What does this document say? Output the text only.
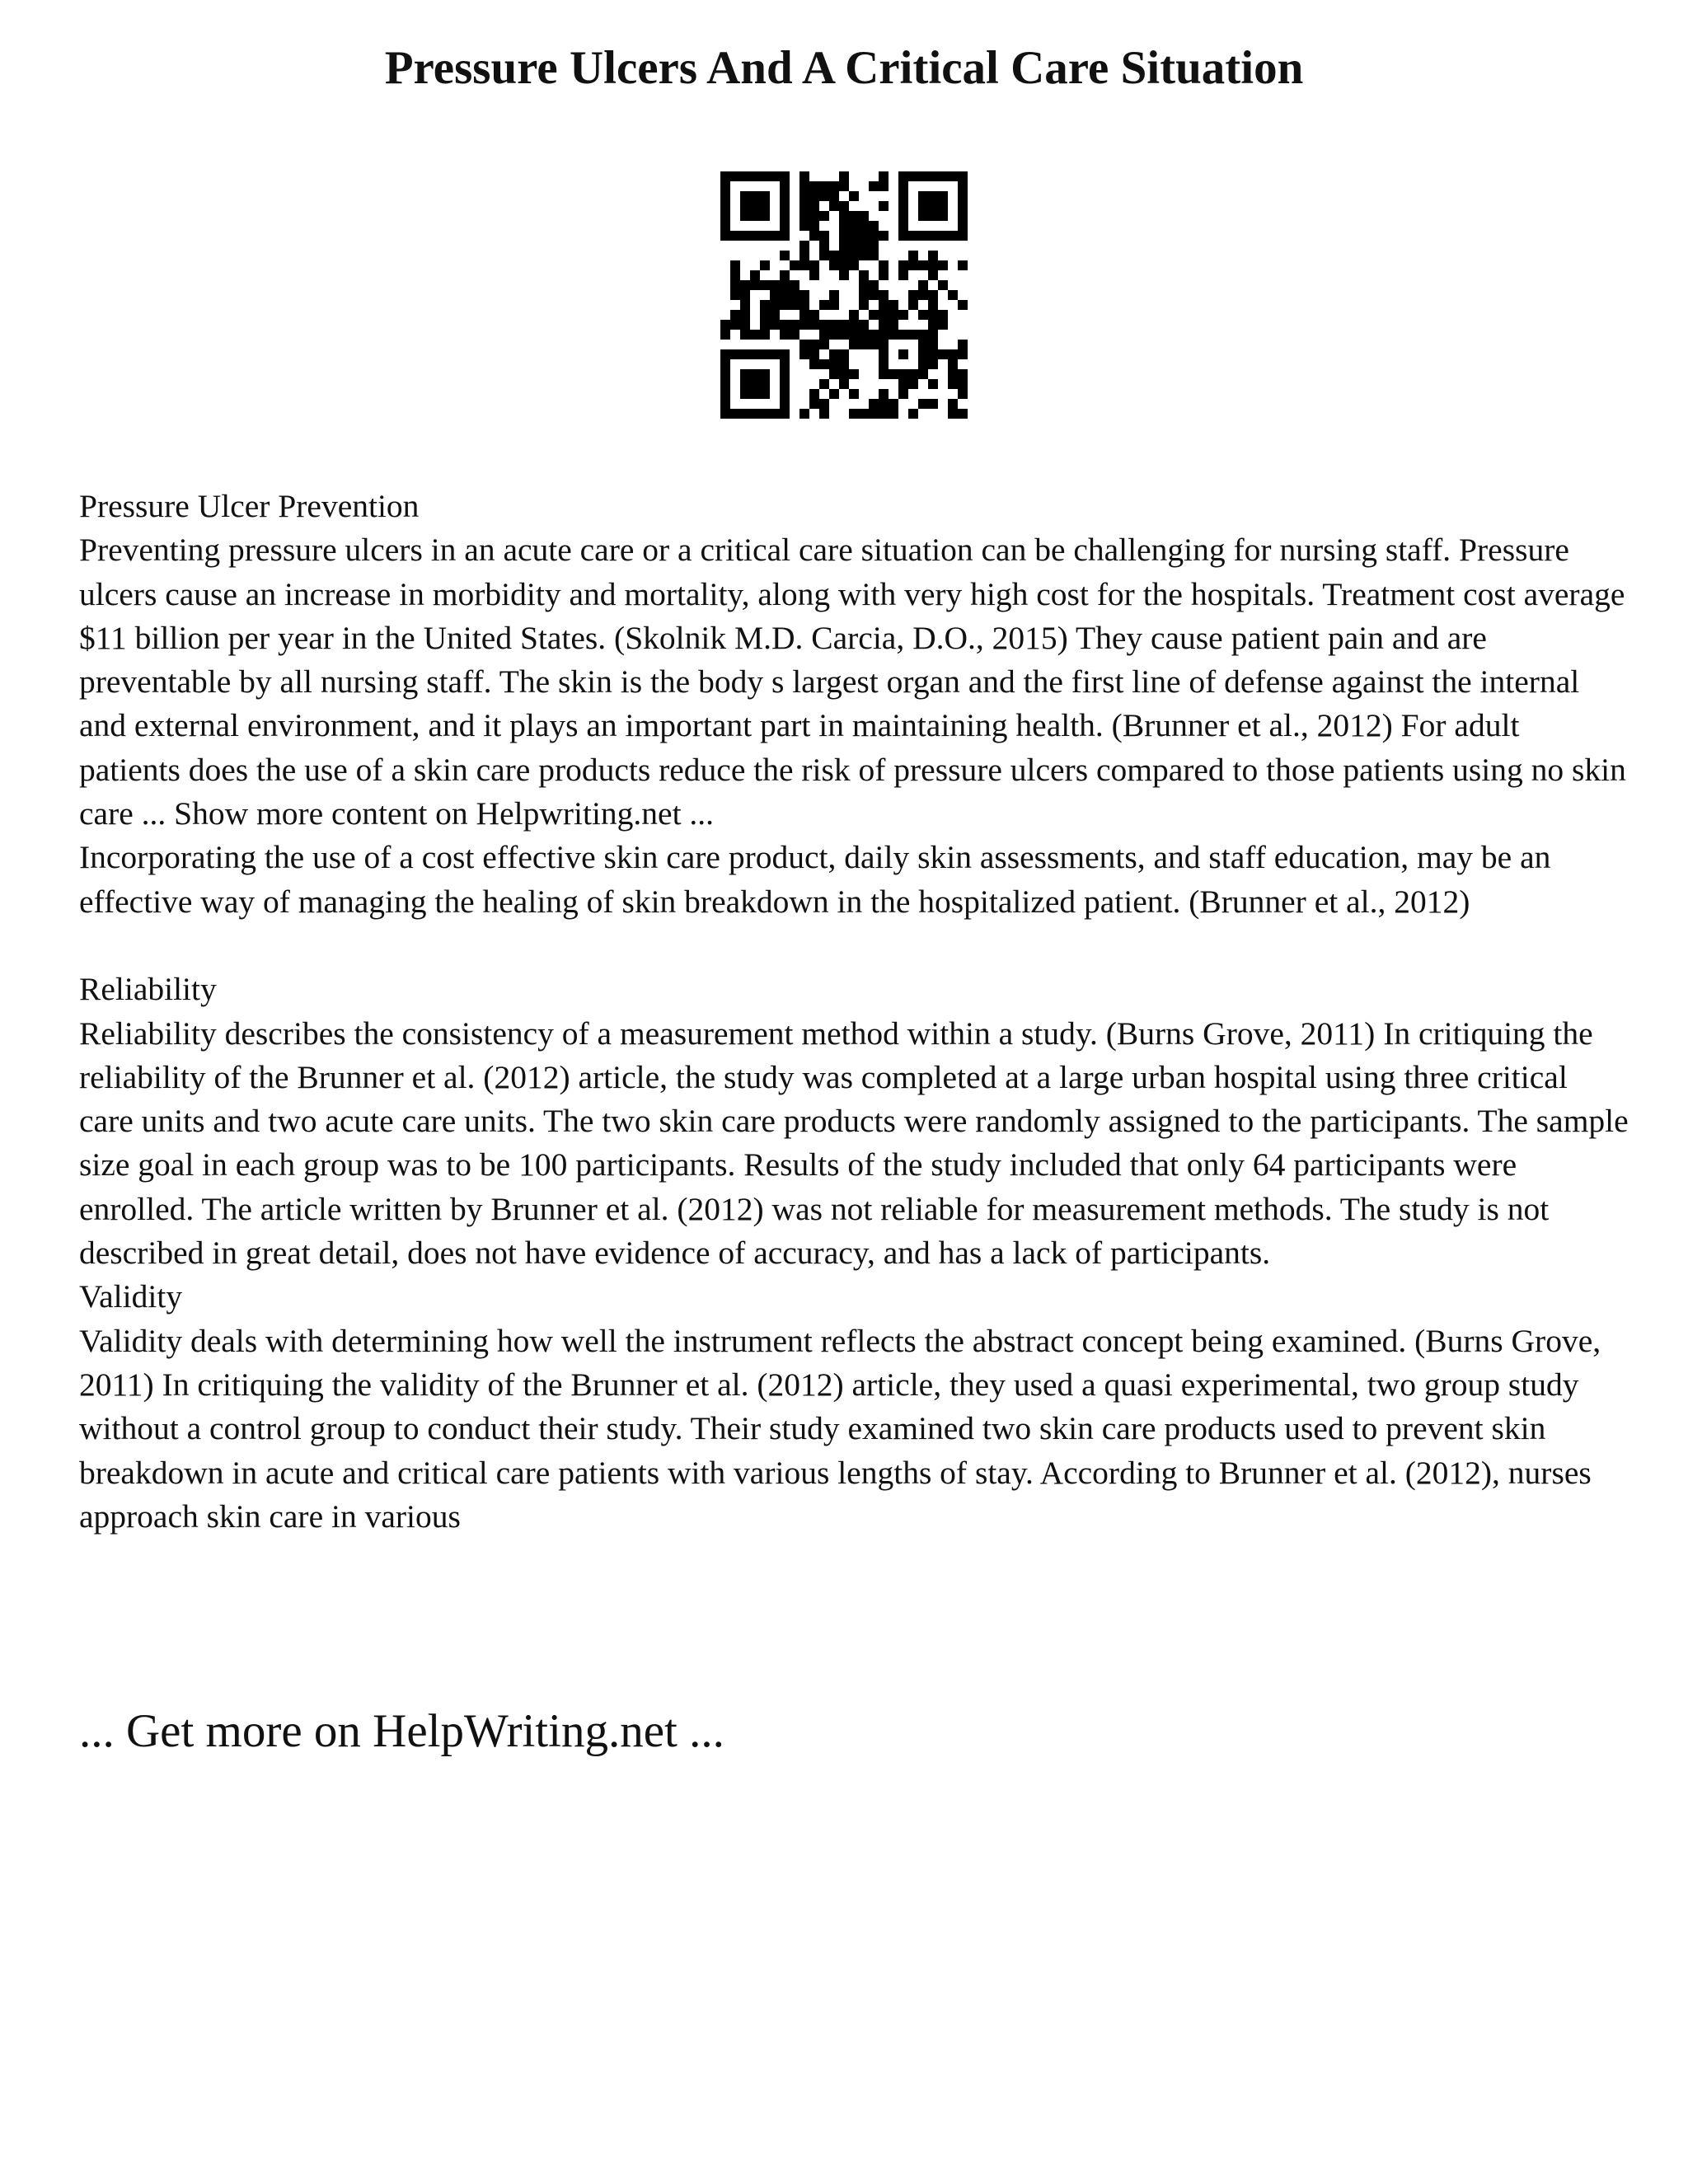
Pressure Ulcers And A Critical Care Situation

Pressure Ulcer Prevention

Preventing pressure ulcers in an acute care or a critical care situation can be challenging for nursing staff. Pressure ulcers cause an increase in morbidity and mortality, along with very high cost for the hospitals. Treatment cost average $11 billion per year in the United States. (Skolnik M.D. Carcia, D.O., 2015) They cause patient pain and are preventable by all nursing staff. The skin is the body s largest organ and the first line of defense against the internal and external environment, and it plays an important part in maintaining health. (Brunner et al., 2012) For adult patients does the use of a skin care products reduce the risk of pressure ulcers compared to those patients using no skin care ... Show more content on Helpwriting.net ...

Incorporating the use of a cost effective skin care product, daily skin assessments, and staff education, may be an effective way of managing the healing of skin breakdown in the hospitalized patient. (Brunner et al., 2012)

Reliability

Reliability describes the consistency of a measurement method within a study. (Burns Grove, 2011) In critiquing the reliability of the Brunner et al. (2012) article, the study was completed at a large urban hospital using three critical care units and two acute care units. The two skin care products were randomly assigned to the participants. The sample size goal in each group was to be 100 participants. Results of the study included that only 64 participants were enrolled. The article written by Brunner et al. (2012) was not reliable for measurement methods. The study is not described in great detail, does not have evidence of accuracy, and has a lack of participants.

Validity

Validity deals with determining how well the instrument reflects the abstract concept being examined. (Burns Grove, 2011) In critiquing the validity of the Brunner et al. (2012) article, they used a quasi experimental, two group study without a control group to conduct their study. Their study examined two skin care products used to prevent skin breakdown in acute and critical care patients with various lengths of stay. According to Brunner et al. (2012), nurses approach skin care in various

... Get more on HelpWriting.net ...
